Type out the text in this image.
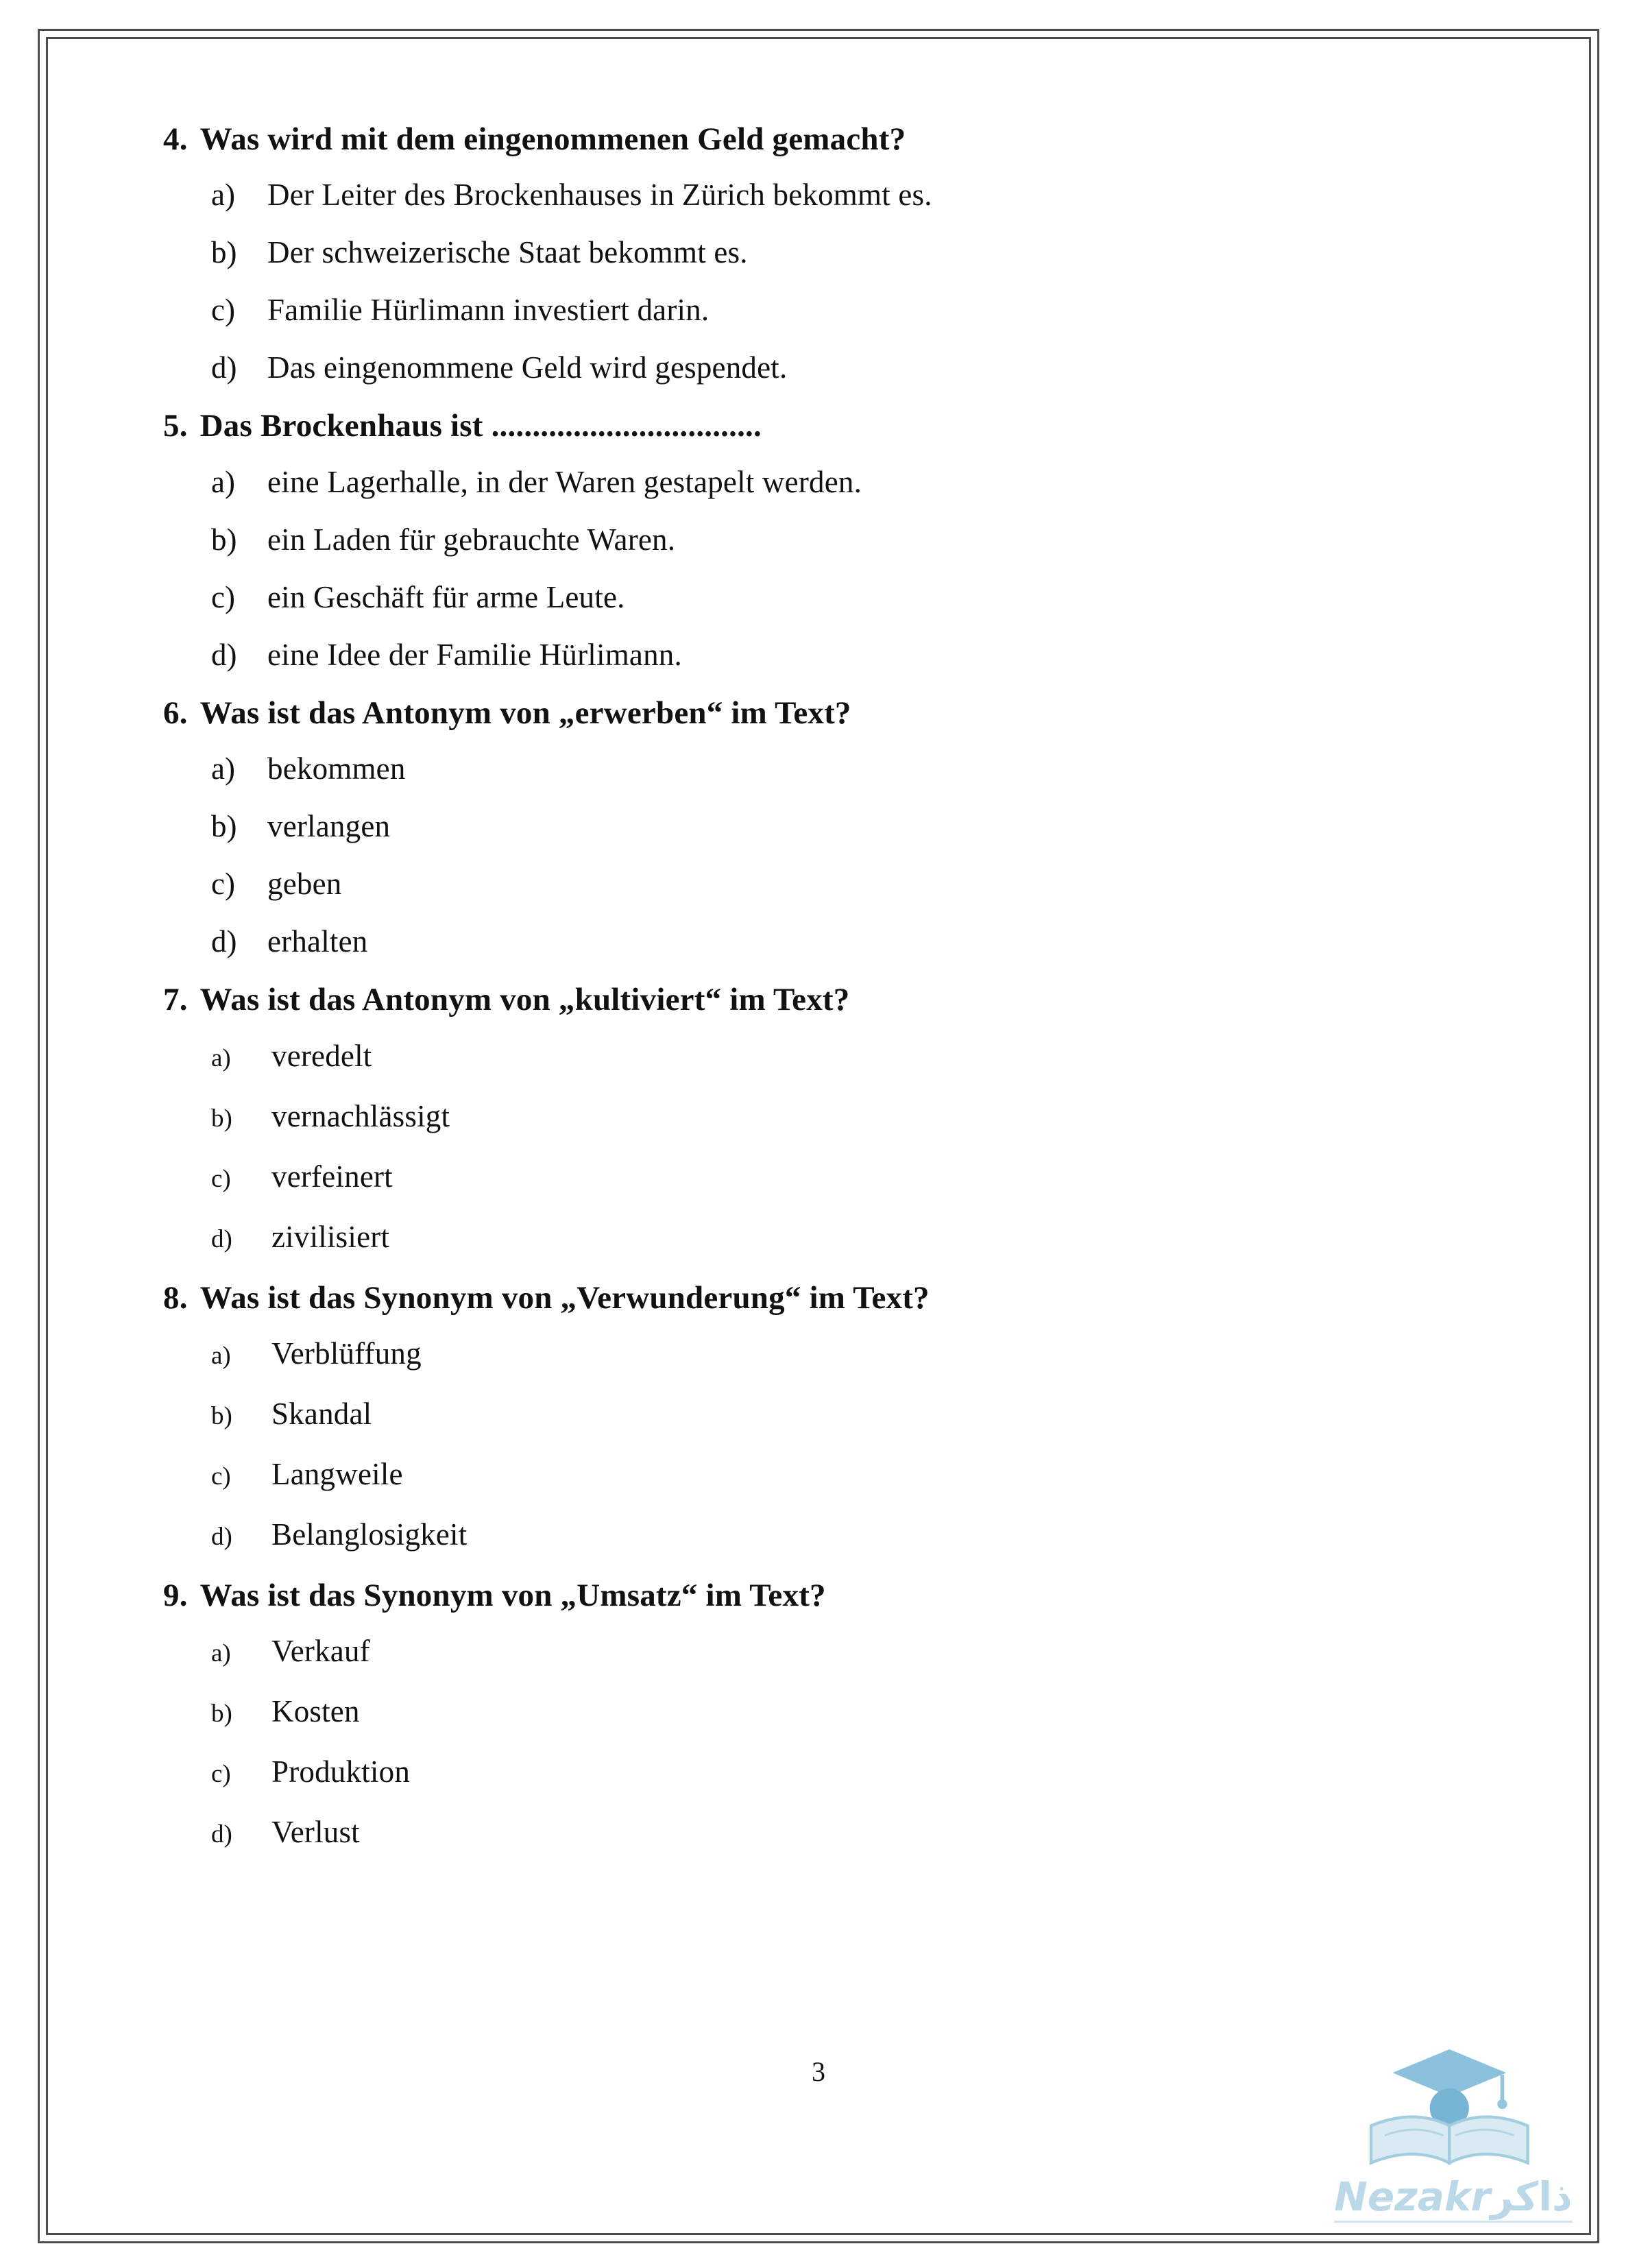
4. Was wird mit dem eingenommenen Geld gemacht?
a)	Der Leiter des Brockenhauses in Zürich bekommt es.
b) Der schweizerische Staat bekommt es.
c)	Familie Hürlimann investiert darin.
d) Das eingenommene Geld wird gespendet.
5. Das Brockenhaus ist .................................
a)	eine Lagerhalle, in der Waren gestapelt werden.
b) ein Laden für gebrauchte Waren.
c)	ein Geschäft für arme Leute.
d) eine Idee der Familie Hürlimann.
6. Was ist das Antonym von „erwerben“ im Text?
a)	bekommen
b) verlangen
c)	geben
d) erhalten
7. Was ist das Antonym von „kultiviert“ im Text?
a)	veredelt
b)	vernachlässigt
c)	verfeinert
d)	zivilisiert
8. Was ist das Synonym von „Verwunderung“ im Text?
a)	Verblüffung
b)	Skandal
c)	Langweile
d)	Belanglosigkeit
9. Was ist das Synonym von „Umsatz“ im Text?
a)	Verkauf
b)	Kosten
c)	Produktion
d)	Verlust
3
Nezakrذاكر
